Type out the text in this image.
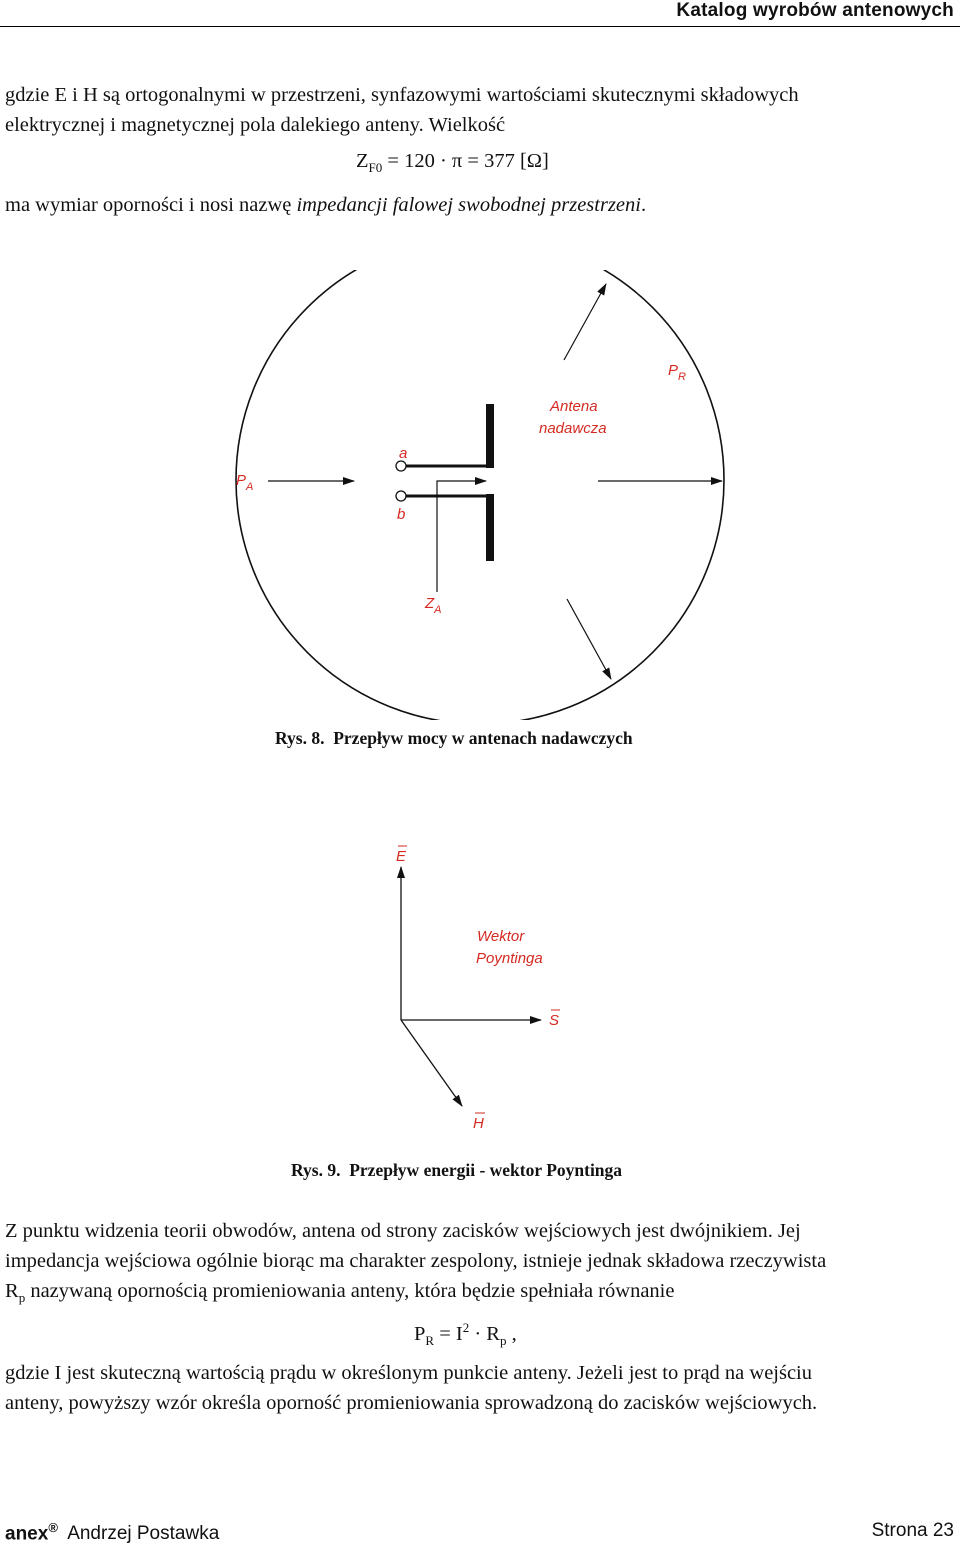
Katalog wyrobów antenowych

gdzie E i H są ortogonalnymi w przestrzeni, synfazowymi wartościami skutecznymi składowych
elektrycznej i magnetycznej pola dalekiego anteny. Wielkość

$Z_{F0} = 120 \cdot \pi = 377$ [Ω]

ma wymiar oporności i nosi nazwę impedancji falowej swobodnej przestrzeni.

$P_R$
$P_A$
$Z_A$
a
b
Antena
nadawcza
Rys. 8. Przepływ mocy w antenach nadawczych
E
S
H
Wektor
Poyntinga
Rys. 9. Przepływ energii - wektor Poyntinga

Z punktu widzenia teorii obwodów, antena od strony zacisków wejściowych jest dwójnikiem. Jej
impedancja wejściowa ogólnie biorąc ma charakter zespolony, istnieje jednak składowa rzeczywista
$R_p$ nazywaną opornością promieniowania anteny, która będzie spełniała równanie

$P_R = I^2 \cdot R_p$ ,

gdzie I jest skuteczną wartością prądu w określonym punkcie anteny. Jeżeli jest to prąd na wejściu
anteny, powyższy wzór określa oporność promieniowania sprowadzoną do zacisków wejściowych.

anex® Andrzej Postawka	Strona 23
